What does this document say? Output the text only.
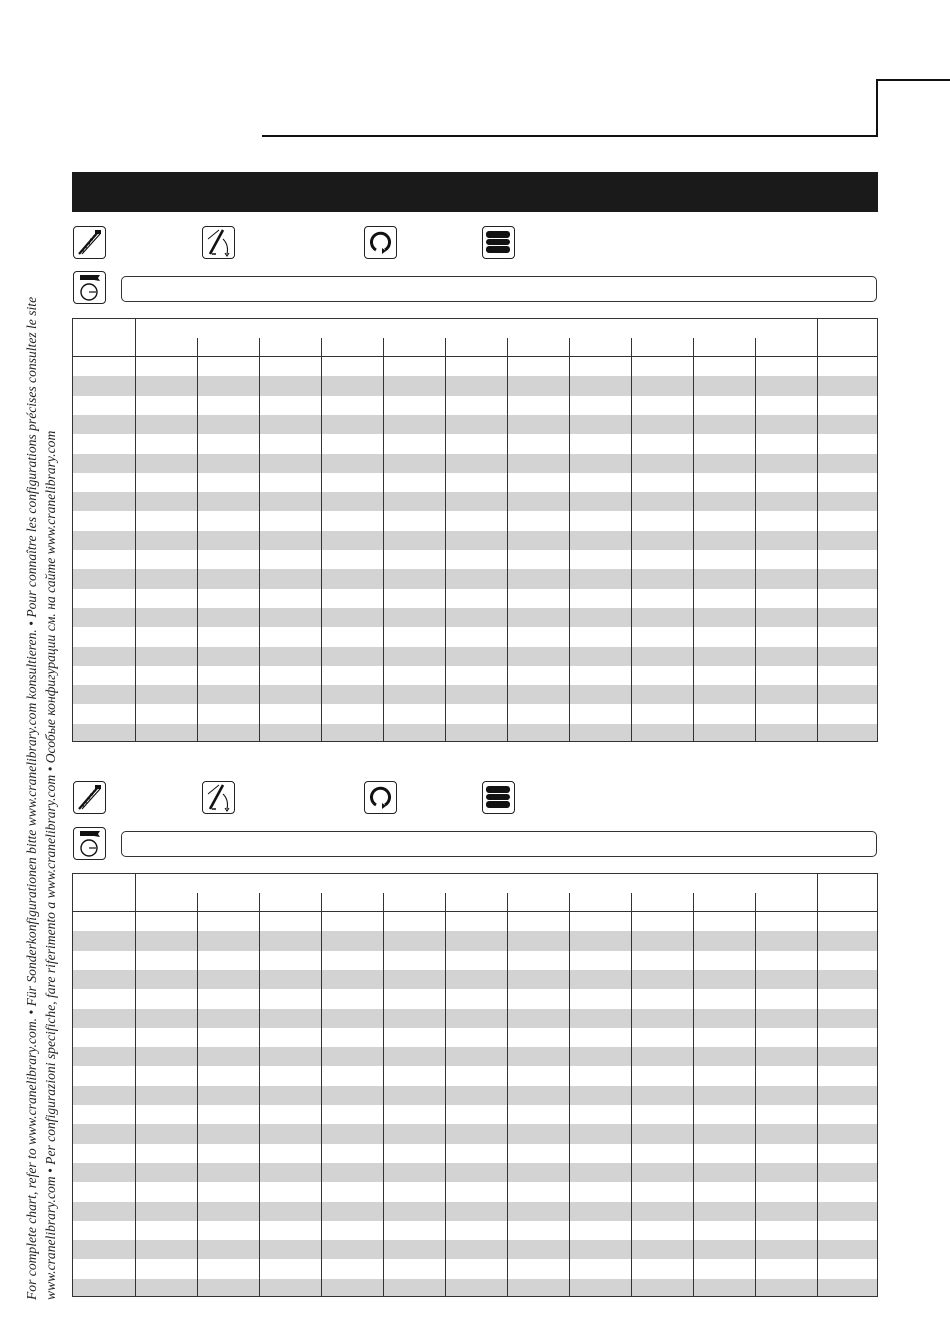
For complete chart, refer to www.cranelibrary.com. • Für Sonderkonfigurationen bitte www.cranelibrary.com konsultieren. • Pour connaître les configurations précises consultez le site www.cranelibrary.com • Per configurazioni specifiche, fare riferimento a www.cranelibrary.com • Особые конфигурации см. на сайте www.cranelibrary.com
